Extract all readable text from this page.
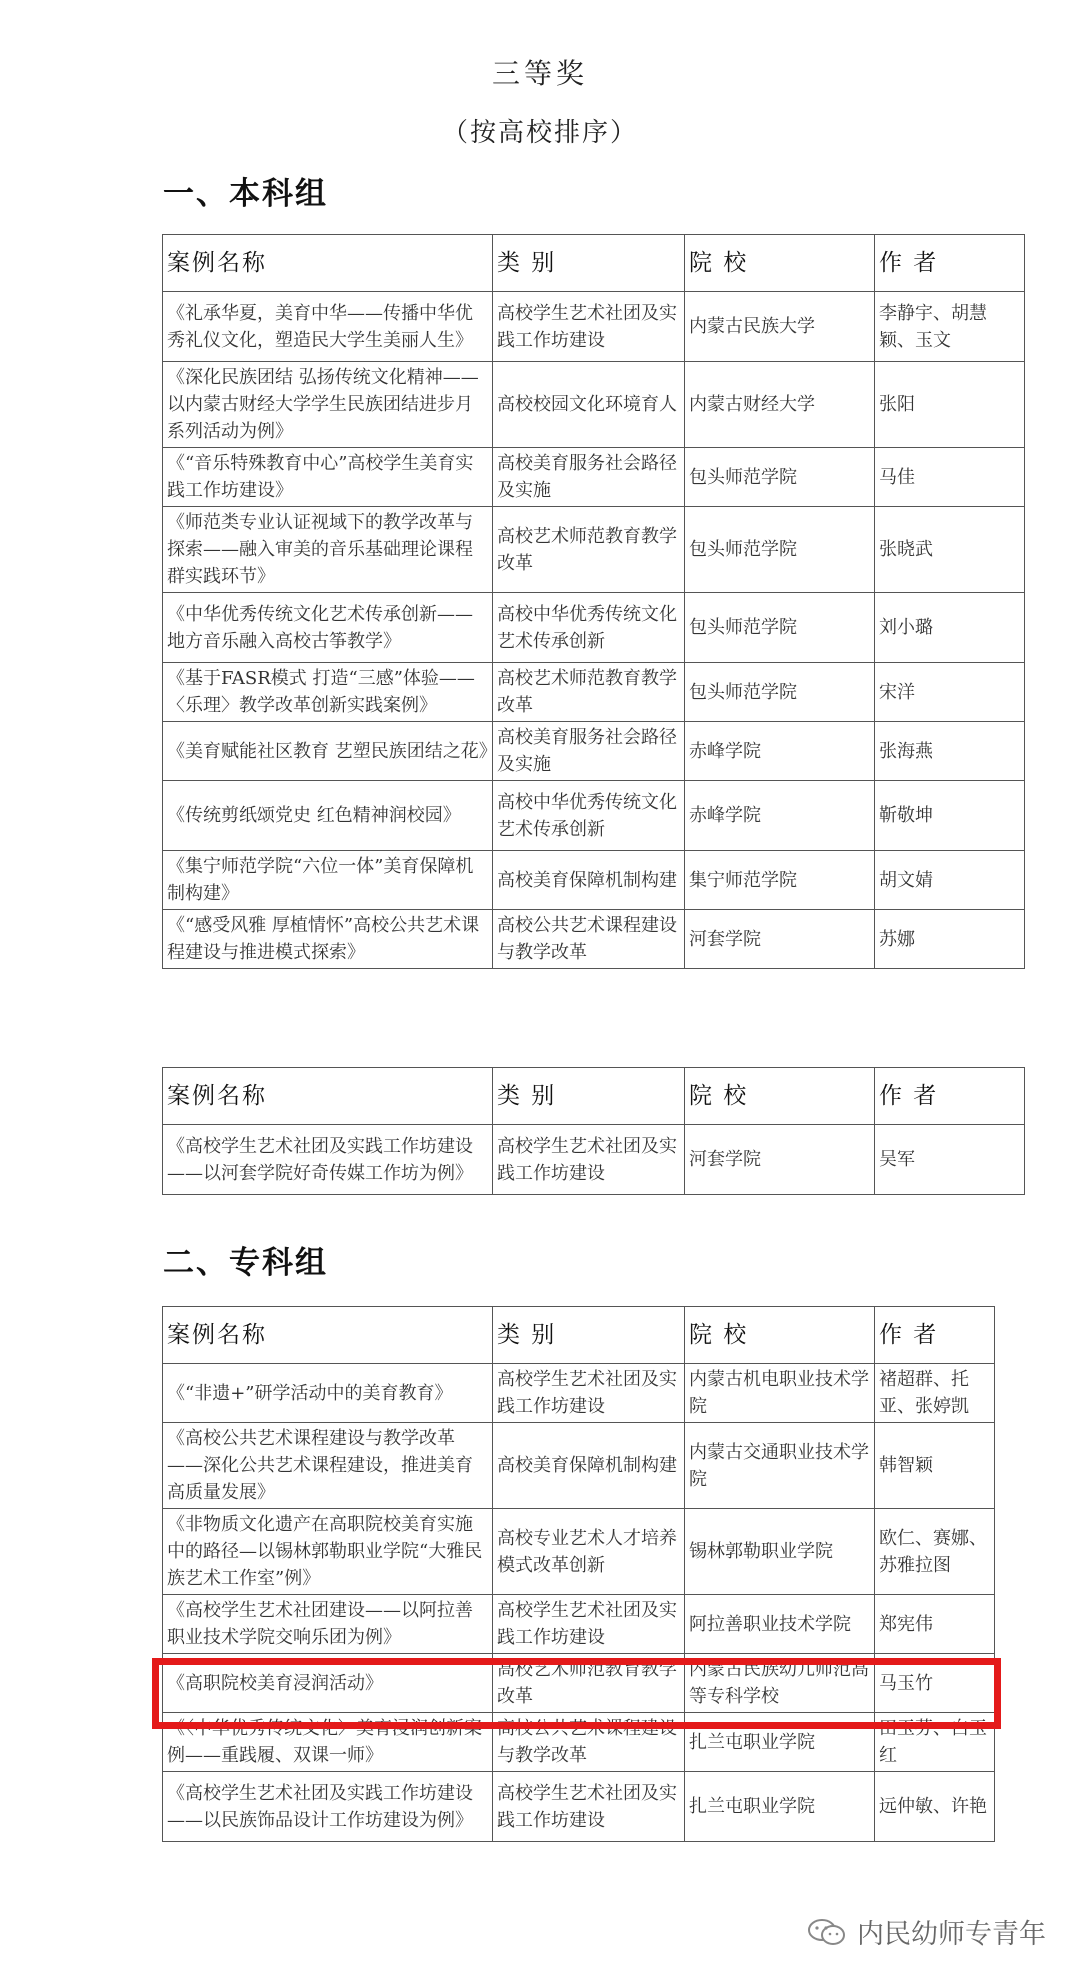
三等奖
（按高校排序）
一、本科组
案例名称	类 别	院 校	作 者
《礼承华夏，美育中华——传播中华优秀礼仪文化，塑造民大学生美丽人生》	高校学生艺术社团及实践工作坊建设	内蒙古民族大学	李静宇、胡慧颖、玉文
《深化民族团结 弘扬传统文化精神——以内蒙古财经大学学生民族团结进步月系列活动为例》	高校校园文化环境育人	内蒙古财经大学	张阳
《“音乐特殊教育中心”高校学生美育实践工作坊建设》	高校美育服务社会路径及实施	包头师范学院	马佳
《师范类专业认证视域下的教学改革与探索——融入审美的音乐基础理论课程群实践环节》	高校艺术师范教育教学改革	包头师范学院	张晓武
《中华优秀传统文化艺术传承创新——地方音乐融入高校古筝教学》	高校中华优秀传统文化艺术传承创新	包头师范学院	刘小璐
《基于FASR模式 打造“三感”体验——〈乐理〉教学改革创新实践案例》	高校艺术师范教育教学改革	包头师范学院	宋洋
《美育赋能社区教育 艺塑民族团结之花》	高校美育服务社会路径及实施	赤峰学院	张海燕
《传统剪纸颂党史 红色精神润校园》	高校中华优秀传统文化艺术传承创新	赤峰学院	靳敬坤
《集宁师范学院“六位一体”美育保障机制构建》	高校美育保障机制构建	集宁师范学院	胡文婧
《“感受风雅 厚植情怀”高校公共艺术课程建设与推进模式探索》	高校公共艺术课程建设与教学改革	河套学院	苏娜
案例名称	类 别	院 校	作 者
《高校学生艺术社团及实践工作坊建设——以河套学院好奇传媒工作坊为例》	高校学生艺术社团及实践工作坊建设	河套学院	吴军
二、专科组
案例名称	类 别	院 校	作 者
《“非遗+”研学活动中的美育教育》	高校学生艺术社团及实践工作坊建设	内蒙古机电职业技术学院	褚超群、托亚、张婷凯
《高校公共艺术课程建设与教学改革——深化公共艺术课程建设，推进美育高质量发展》	高校美育保障机制构建	内蒙古交通职业技术学院	韩智颖
《非物质文化遗产在高职院校美育实施中的路径—以锡林郭勒职业学院“大雅民族艺术工作室”例》	高校专业艺术人才培养模式改革创新	锡林郭勒职业学院	欧仁、赛娜、苏雅拉图
《高校学生艺术社团建设——以阿拉善职业技术学院交响乐团为例》	高校学生艺术社团及实践工作坊建设	阿拉善职业技术学院	郑宪伟
《高职院校美育浸润活动》	高校艺术师范教育教学改革	内蒙古民族幼儿师范高等专科学校	马玉竹
《〈中华优秀传统文化〉美育浸润创新案例——重践履、双课一师》	高校公共艺术课程建设与教学改革	扎兰屯职业学院	田玉芬、白玉红
《高校学生艺术社团及实践工作坊建设——以民族饰品设计工作坊建设为例》	高校学生艺术社团及实践工作坊建设	扎兰屯职业学院	远仲敏、许艳
内民幼师专青年
